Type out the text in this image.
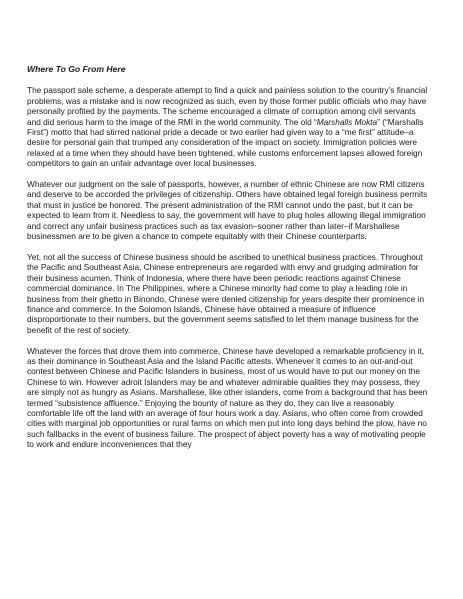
Where To Go From Here

The passport sale scheme, a desperate attempt to find a quick and painless solution to the country’s financial problems, was a mistake and is now recognized as such, even by those former public officials who may have personally profited by the payments. The scheme encouraged a climate of corruption among civil servants and did serious harm to the image of the RMI in the world community. The old “Marshalls Mokta” (“Marshalls First”) motto that had stirred national pride a decade or two earlier had given way to a “me first” attitude–a desire for personal gain that trumped any consideration of the impact on society. Immigration policies were relaxed at a time when they should have been tightened, while customs enforcement lapses allowed foreign competitors to gain an unfair advantage over local businesses.

Whatever our judgment on the sale of passports, however, a number of ethnic Chinese are now RMI citizens and deserve to be accorded the privileges of citizenship. Others have obtained legal foreign business permits that must in justice be honored. The present administration of the RMI cannot undo the past, but it can be expected to learn from it. Needless to say, the government will have to plug holes allowing illegal immigration and correct any unfair business practices such as tax evasion–sooner rather than later–if Marshallese businessmen are to be given a chance to compete equitably with their Chinese counterparts.

Yet, not all the success of Chinese business should be ascribed to unethical business practices. Throughout the Pacific and Southeast Asia, Chinese entrepreneurs are regarded with envy and grudging admiration for their business acumen. Think of Indonesia, where there have been periodic reactions against Chinese commercial dominance. In The Philippines, where a Chinese minority had come to play a leading role in business from their ghetto in Binondo, Chinese were denied citizenship for years despite their prominence in finance and commerce. In the Solomon Islands, Chinese have obtained a measure of influence disproportionate to their numbers, but the government seems satisfied to let them manage business for the benefit of the rest of society.

Whatever the forces that drove them into commerce, Chinese have developed a remarkable proficiency in it, as their dominance in Southeast Asia and the Island Pacific attests. Whenever it comes to an out-and-out contest between Chinese and Pacific Islanders in business, most of us would have to put our money on the Chinese to win. However adroit Islanders may be and whatever admirable qualities they may possess, they are simply not as hungry as Asians. Marshallese, like other islanders, come from a background that has been termed “subsistence affluence.” Enjoying the bounty of nature as they do, they can live a reasonably comfortable life off the land with an average of four hours work a day. Asians, who often come from crowded cities with marginal job opportunities or rural farms on which men put into long days behind the plow, have no such fallbacks in the event of business failure. The prospect of abject poverty has a way of motivating people to work and endure inconveniences that they
